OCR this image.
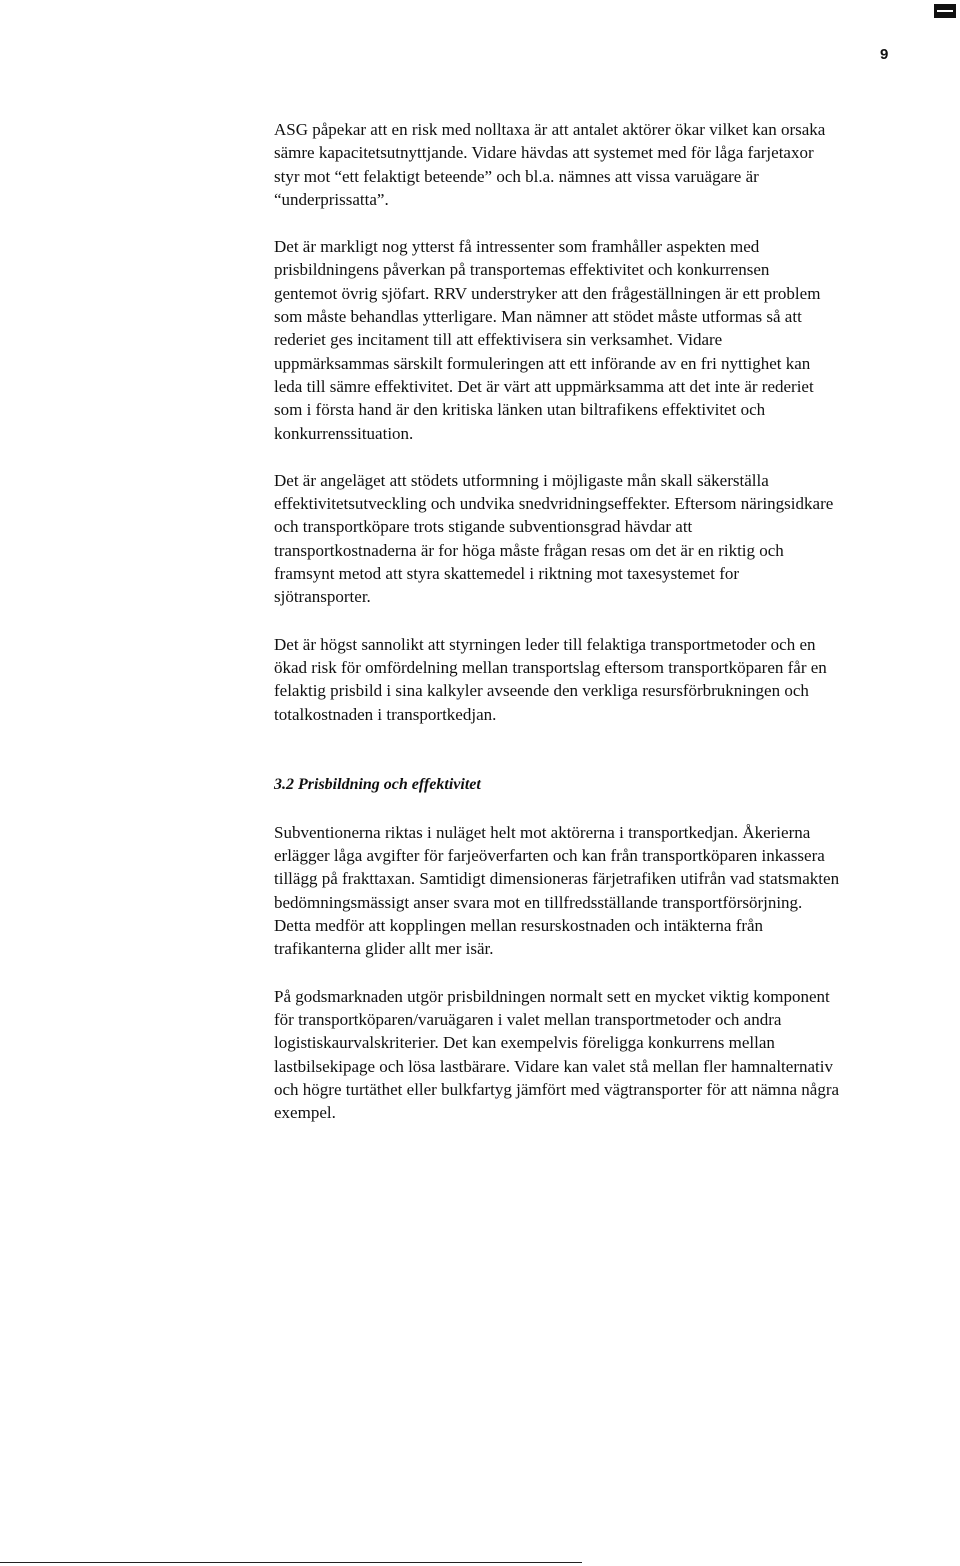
9

ASG påpekar att en risk med nolltaxa är att antalet aktörer ökar vilket kan orsaka
sämre kapacitetsutnyttjande. Vidare hävdas att systemet med för låga farjetaxor
styr mot “ett felaktigt beteende” och bl.a. nämnes att vissa varuägare är
“underprissatta”.

Det är markligt nog ytterst få intressenter som framhåller aspekten med
prisbildningens påverkan på transportemas effektivitet och konkurrensen
gentemot övrig sjöfart. RRV understryker att den frågeställningen är ett problem
som måste behandlas ytterligare. Man nämner att stödet måste utformas så att
rederiet ges incitament till att effektivisera sin verksamhet. Vidare
uppmärksammas särskilt formuleringen att ett införande av en fri nyttighet kan
leda till sämre effektivitet. Det är värt att uppmärksamma att det inte är rederiet
som i första hand är den kritiska länken utan biltrafikens effektivitet och
konkurrenssituation.

Det är angeläget att stödets utformning i möjligaste mån skall säkerställa
effektivitetsutveckling och undvika snedvridningseffekter. Eftersom näringsidkare
och transportköpare trots stigande subventionsgrad hävdar att
transportkostnaderna är for höga måste frågan resas om det är en riktig och
framsynt metod att styra skattemedel i riktning mot taxesystemet for
sjötransporter.

Det är högst sannolikt att styrningen leder till felaktiga transportmetoder och en
ökad risk för omfördelning mellan transportslag eftersom transportköparen får en
felaktig prisbild i sina kalkyler avseende den verkliga resursförbrukningen och
totalkostnaden i transportkedjan.

3.2 Prisbildning och effektivitet

Subventionerna riktas i nuläget helt mot aktörerna i transportkedjan. Åkerierna
erlägger låga avgifter för farjeöverfarten och kan från transportköparen inkassera
tillägg på frakttaxan. Samtidigt dimensioneras färjetrafiken utifrån vad statsmakten
bedömningsmässigt anser svara mot en tillfredsställande transportförsörjning.
Detta medför att kopplingen mellan resurskostnaden och intäkterna från
trafikanterna glider allt mer isär.

På godsmarknaden utgör prisbildningen normalt sett en mycket viktig komponent
för transportköparen/varuägaren i valet mellan transportmetoder och andra
logistiskaurvalskriterier. Det kan exempelvis föreligga konkurrens mellan
lastbilsekipage och lösa lastbärare. Vidare kan valet stå mellan fler hamnalternativ
och högre turtäthet eller bulkfartyg jämfört med vägtransporter för att nämna några
exempel.
